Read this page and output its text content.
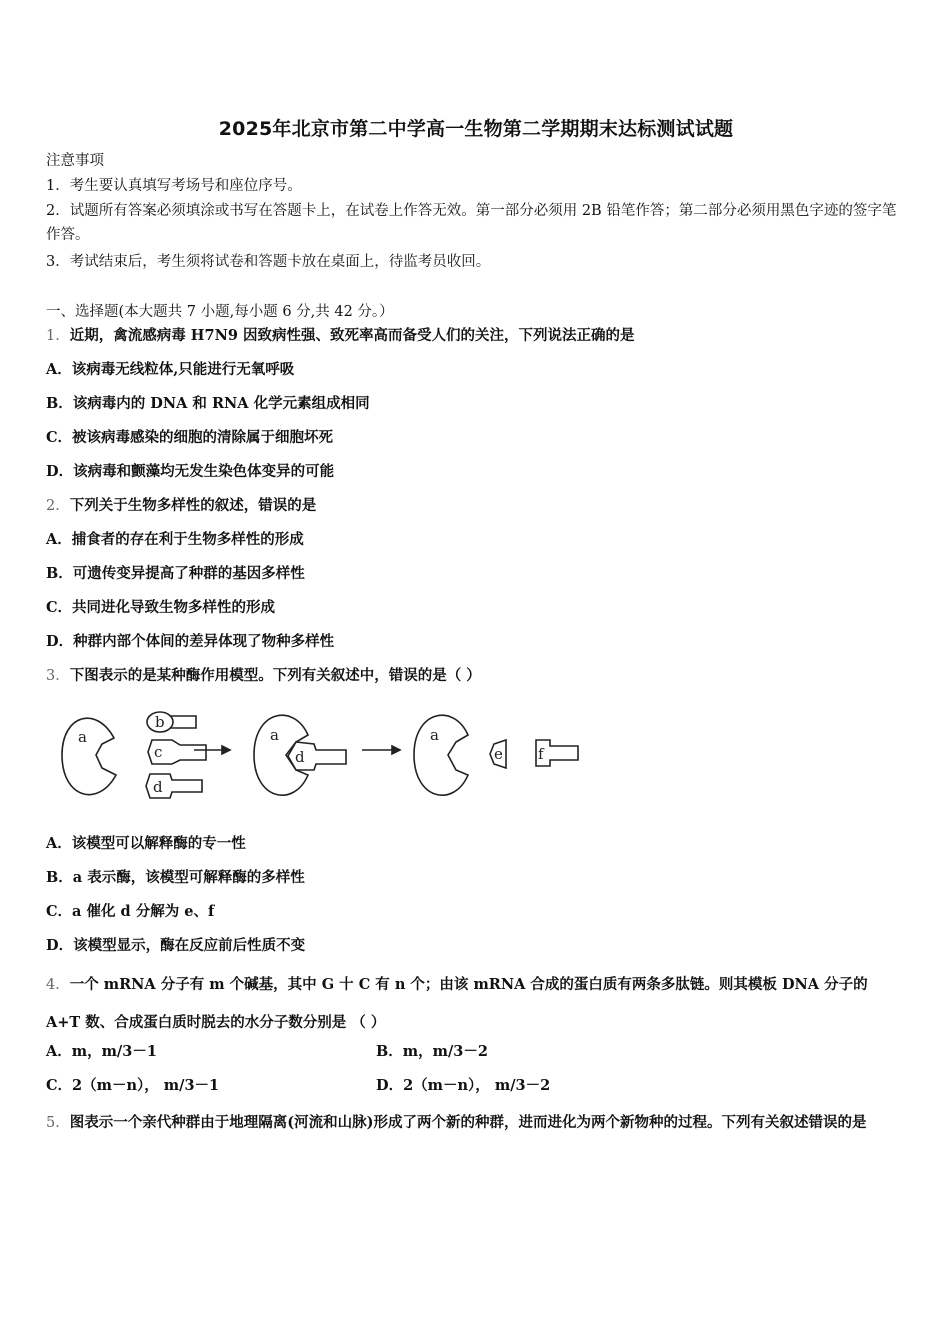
2025年北京市第二中学高一生物第二学期期末达标测试试题
注意事项
1．考生要认真填写考场号和座位序号。
2．试题所有答案必须填涂或书写在答题卡上，在试卷上作答无效。第一部分必须用 2B 铅笔作答；第二部分必须用黑色字迹的签字笔作答。
3．考试结束后，考生须将试卷和答题卡放在桌面上，待监考员收回。
一、选择题(本大题共 7 小题,每小题 6 分,共 42 分。）
1．近期，禽流感病毒 H7N9 因致病性强、致死率高而备受人们的关注，下列说法正确的是
A．该病毒无线粒体,只能进行无氧呼吸
B．该病毒内的 DNA 和 RNA 化学元素组成相同
C．被该病毒感染的细胞的清除属于细胞坏死
D．该病毒和颤藻均无发生染色体变异的可能
2．下列关于生物多样性的叙述，错误的是
A．捕食者的存在利于生物多样性的形成
B．可遗传变异提高了种群的基因多样性
C．共同进化导致生物多样性的形成
D．种群内部个体间的差异体现了物种多样性
3．下图表示的是某种酶作用模型。下列有关叙述中，错误的是（ ）
a
b
c
d
a
d
a
e f
A．该模型可以解释酶的专一性
B．a 表示酶，该模型可解释酶的多样性
C．a 催化 d 分解为 e、f
D．该模型显示，酶在反应前后性质不变
4．一个 mRNA 分子有 m 个碱基，其中 G 十 C 有 n 个；由该 mRNA 合成的蛋白质有两条多肽链。则其模板 DNA 分子的 A+T 数、合成蛋白质时脱去的水分子数分别是 （ ）
A．m，m/3－1	B．m，m/3－2
C．2（m－n）， m/3－1	D．2（m－n）， m/3－2
5．图表示一个亲代种群由于地理隔离(河流和山脉)形成了两个新的种群，进而进化为两个新物种的过程。下列有关叙述错误的是
